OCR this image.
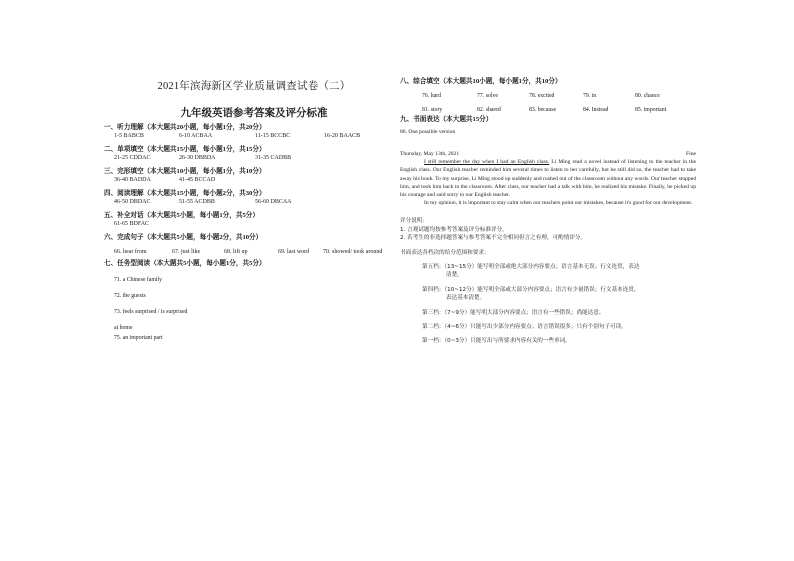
2021年滨海新区学业质量调查试卷（二）
九年级英语参考答案及评分标准
一、听力理解（本大题共20小题，每小题1分，共20分）
1-5 BABCB	6-10 ACBAA	11-15 BCCBC	16-20 BAACB
二、单项填空（本大题共15小题，每小题1分，共15分）
21-25 CDDAC	26-30 DBBDA	31-35 CADBB
三、完形填空（本大题共10小题，每小题1分，共10分）
36-40 BADDA	41-45 BCCAD
四、阅读理解（本大题共15小题，每小题2分，共30分）
46-50 DBDAC	51-55 ACDBB	56-60 DBCAA
五、补全对话（本大题共5小题，每小题1分，共5分）
61-65 BDFAC
六、完成句子（本大题共5小题，每小题2分，共10分）
66. hear from	67. just like	68. lift up	69. last word	70. showed/ took around
七、任务型阅读（本大题共5小题，每小题1分，共5分）
71. a Chinese family
72. the guests
73. feels surprised / is surprised
at home
75. an important part
八、综合填空（本大题共10小题，每小题1分，共10分）
76. hard	77. solve	78. excited	79. in	80. chance
81. story	82. shared	83. because	84. Instead	85. important
九、书面表达（本大题共15分）
86. One possible version
Thursday, May 13th, 2021	Fine

I still remember the day when I had an English class. Li Ming read a novel instead of listening to the teacher in the English class. Our English teacher reminded him several times to listen to her carefully, but he still did so, the teacher had to take away his book. To my surprise, Li Ming stood up suddenly and rushed out of the classroom without any words. Our teacher stopped him, and took him back to the classroom. After class, our teacher had a talk with him, he realized his mistake. Finally, he picked up his courage and said sorry to our English teacher.

In my opinion, it is important to stay calm when our teachers point our mistakes, because it's good for our development.

评分说明：
1. 言观试题均按参考答案及评分标准评分。
2. 若考生的非选择题答案与参考答案不完全相同但言之有理，可酌情评分。
书面表达各档次的给分范围和要求：
第五档：（13~15分）能写明全部或绝大部分内容要点；语言基本无误；行文连贯，表达
清楚。
第四档：（10~12分）能写明全部或大部分内容要点；语言有少量错误；行文基本连贯，
表达基本清楚。
第三档：（7~9分）能写明大部分内容要点；语言有一些错误；尚能达意。
第二档：（4~6分）只能写出少部分内容要点；语言错误很多；只有个别句子可读。
第一档：（0~3分）只能写出与所要求内容有关的一些单词。
